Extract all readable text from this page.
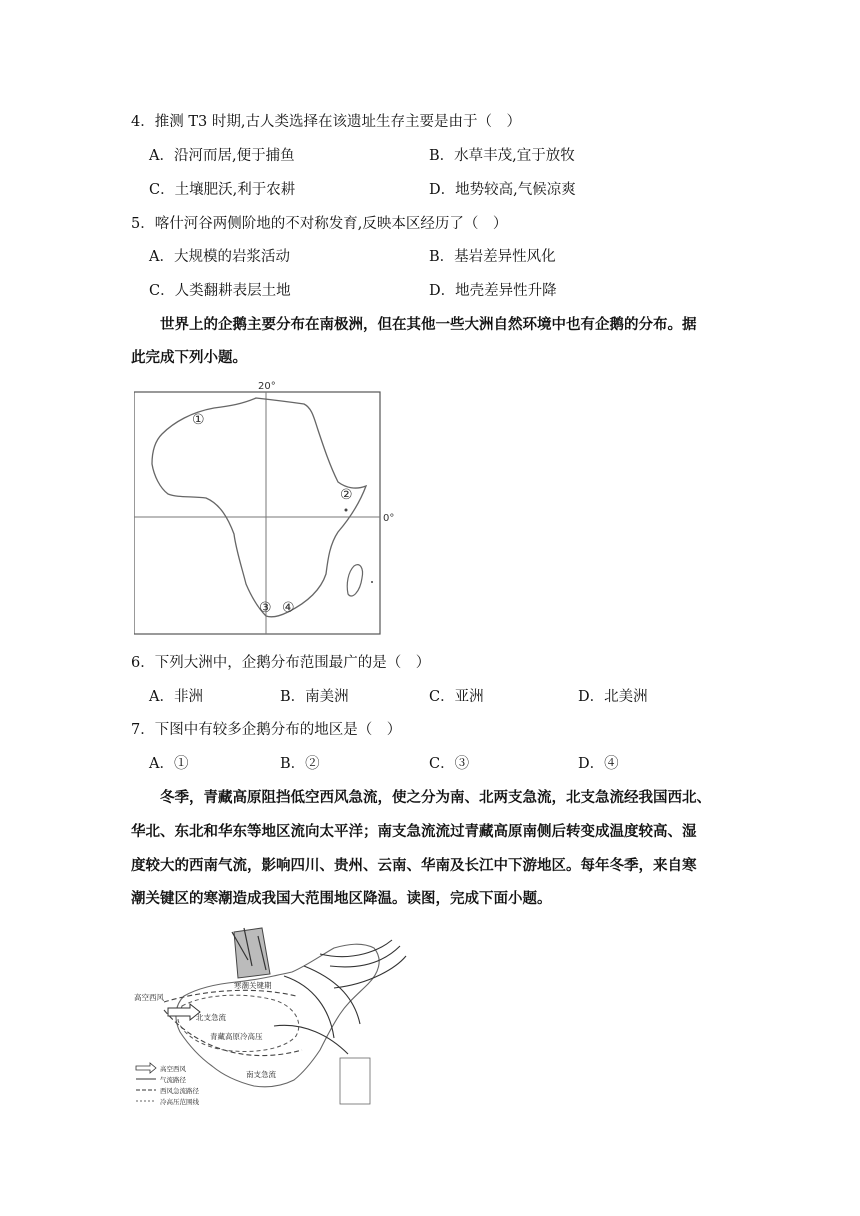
4．推测 T3 时期,古人类选择在该遗址生存主要是由于（　）
A．沿河而居,便于捕鱼	B．水草丰茂,宜于放牧
C．土壤肥沃,利于农耕	D．地势较高,气候凉爽
5．喀什河谷两侧阶地的不对称发育,反映本区经历了（　）
A．大规模的岩浆活动	B．基岩差异性风化
C．人类翻耕表层土地	D．地壳差异性升降
世界上的企鹅主要分布在南极洲，但在其他一些大洲自然环境中也有企鹅的分布。据
此完成下列小题。
20°
0°
①
②
③ ④
6．下列大洲中，企鹅分布范围最广的是（　）
A．非洲	B．南美洲	C．亚洲	D．北美洲
7．下图中有较多企鹅分布的地区是（　）
A．①	B．②	C．③	D．④
冬季，青藏高原阻挡低空西风急流，使之分为南、北两支急流，北支急流经我国西北、
华北、东北和华东等地区流向太平洋；南支急流流过青藏高原南侧后转变成温度较高、湿
度较大的西南气流，影响四川、贵州、云南、华南及长江中下游地区。每年冬季，来自寒
潮关键区的寒潮造成我国大范围地区降温。读图，完成下面小题。
寒潮关键期
高空西风
北支急流
青藏高原冷高压
南支急流
高空西风
气流路径
西风急流路径
冷高压范围线
